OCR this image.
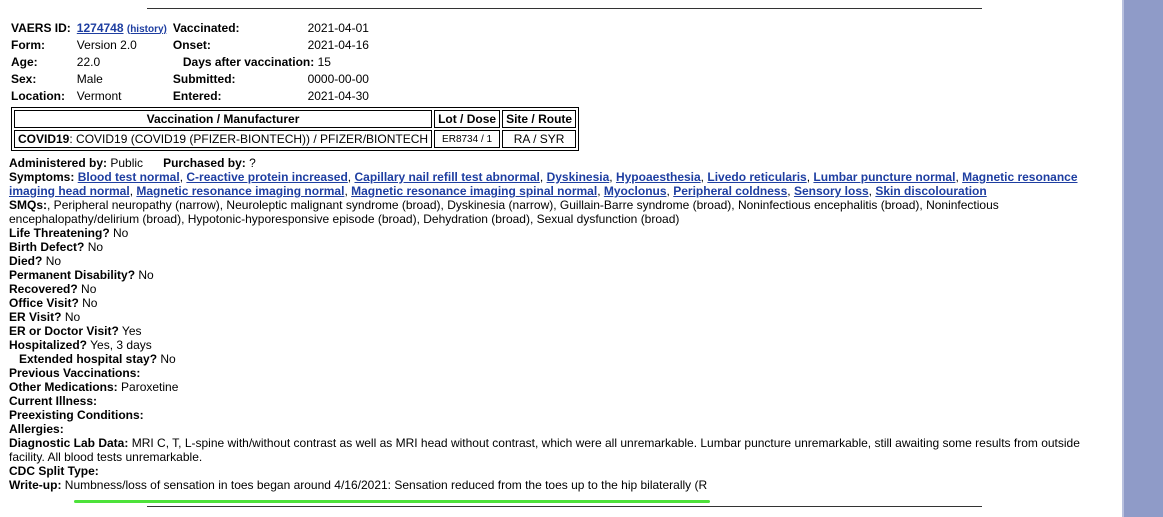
VAERS ID:	1274748 (history)	Vaccinated:	2021-04-01
Form:	Version 2.0	Onset:	2021-04-16
Age:	22.0	Days after vaccination: 15	
Sex:	Male	Submitted:	0000-00-00
Location:	Vermont	Entered:	2021-04-30
Vaccination / Manufacturer	Lot / Dose	Site / Route
COVID19: COVID19 (COVID19 (PFIZER-BIONTECH)) / PFIZER/BIONTECH	ER8734 / 1	RA / SYR
Administered by: Public Purchased by: ?
Symptoms: Blood test normal, C-reactive protein increased, Capillary nail refill test abnormal, Dyskinesia, Hypoaesthesia, Livedo reticularis, Lumbar puncture normal, Magnetic resonance imaging head normal, Magnetic resonance imaging normal, Magnetic resonance imaging spinal normal, Myoclonus, Peripheral coldness, Sensory loss, Skin discolouration
SMQs:, Peripheral neuropathy (narrow), Neuroleptic malignant syndrome (broad), Dyskinesia (narrow), Guillain-Barre syndrome (broad), Noninfectious encephalitis (broad), Noninfectious encephalopathy/delirium (broad), Hypotonic-hyporesponsive episode (broad), Dehydration (broad), Sexual dysfunction (broad)
Life Threatening? No
Birth Defect? No
Died? No
Permanent Disability? No
Recovered? No
Office Visit? No
ER Visit? No
ER or Doctor Visit? Yes
Hospitalized? Yes, 3 days
Extended hospital stay? No
Previous Vaccinations:
Other Medications: Paroxetine
Current Illness:
Preexisting Conditions:
Allergies:
Diagnostic Lab Data: MRI C, T, L-spine with/without contrast as well as MRI head without contrast, which were all unremarkable. Lumbar puncture unremarkable, still awaiting some results from outside facility. All blood tests unremarkable.
CDC Split Type:
Write-up: Numbness/loss of sensation in toes began around 4/16/2021: Sensation reduced from the toes up to the hip bilaterally (R
